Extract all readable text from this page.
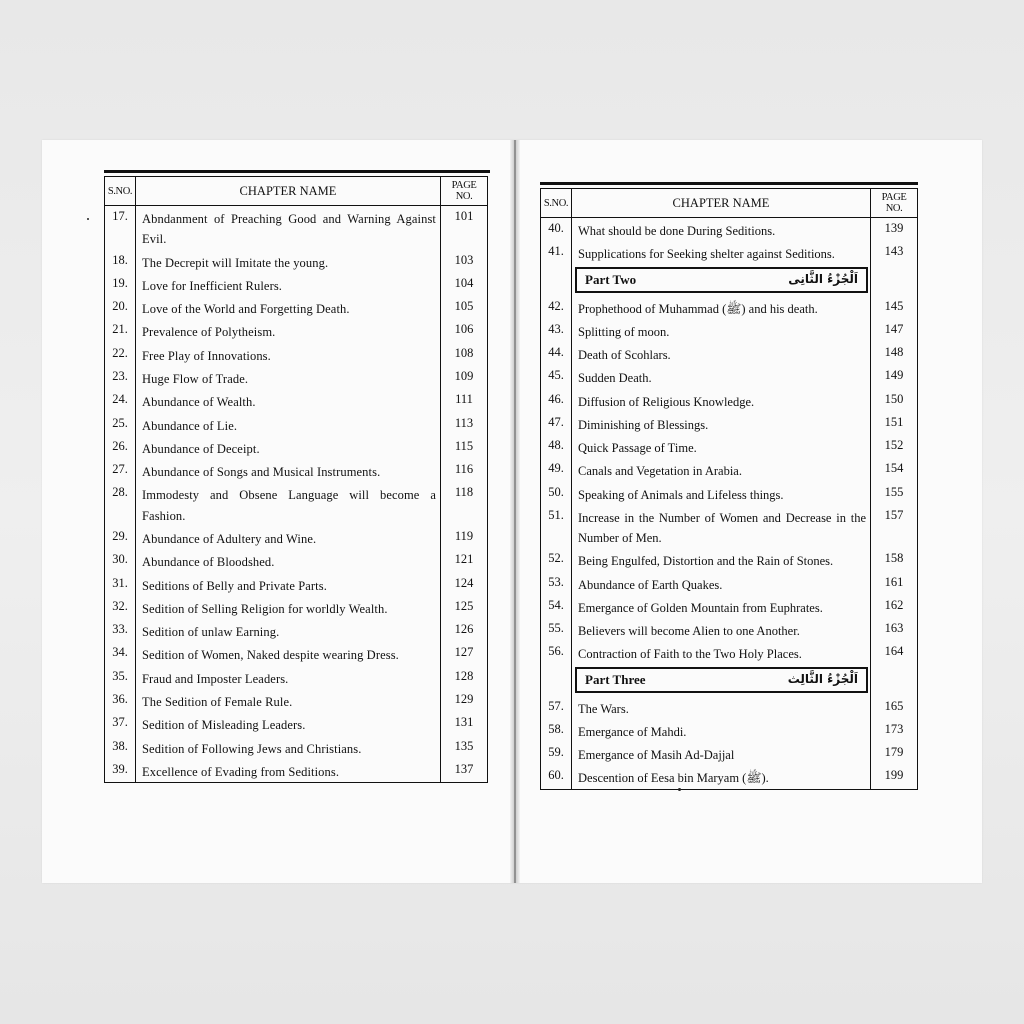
S.NO.	CHAPTER NAME	PAGE NO.
17.	Abndanment of Preaching Good and Warning Against Evil.	101
18.	The Decrepit will Imitate the young.	103
19.	Love for Inefficient Rulers.	104
20.	Love of the World and Forgetting Death.	105
21.	Prevalence of Polytheism.	106
22.	Free Play of Innovations.	108
23.	Huge Flow of Trade.	109
24.	Abundance of Wealth.	111
25.	Abundance of Lie.	113
26.	Abundance of Deceipt.	115
27.	Abundance of Songs and Musical Instruments.	116
28.	Immodesty and Obsene Language will become a Fashion.	118
29.	Abundance of Adultery and Wine.	119
30.	Abundance of Bloodshed.	121
31.	Seditions of Belly and Private Parts.	124
32.	Sedition of Selling Religion for worldly Wealth.	125
33.	Sedition of unlaw Earning.	126
34.	Sedition of Women, Naked despite wearing Dress.	127
35.	Fraud and Imposter Leaders.	128
36.	The Sedition of Female Rule.	129
37.	Sedition of Misleading Leaders.	131
38.	Sedition of Following Jews and Christians.	135
39.	Excellence of Evading from Seditions.	137
S.NO.	CHAPTER NAME	PAGE NO.
40.	What should be done During Seditions.	139
41.	Supplications for Seeking shelter against Seditions.	143

	Part Two اَلْجُزْءُ الثَّانِى	

42.	Prophethood of Muhammad (ﷺ) and his death.	145
43.	Splitting of moon.	147
44.	Death of Scohlars.	148
45.	Sudden Death.	149
46.	Diffusion of Religious Knowledge.	150
47.	Diminishing of Blessings.	151
48.	Quick Passage of Time.	152
49.	Canals and Vegetation in Arabia.	154
50.	Speaking of Animals and Lifeless things.	155
51.	Increase in the Number of Women and Decrease in the Number of Men.	157
52.	Being Engulfed, Distortion and the Rain of Stones.	158
53.	Abundance of Earth Quakes.	161
54.	Emergance of Golden Mountain from Euphrates.	162
55.	Believers will become Alien to one Another.	163
56.	Contraction of Faith to the Two Holy Places.	164

	Part Three اَلْجُزْءُ الثَّالِث	

57.	The Wars.	165
58.	Emergance of Mahdi.	173
59.	Emergance of Masih Ad-Dajjal	179
60.	Descention of Eesa bin Maryam (ﷺ).	199
